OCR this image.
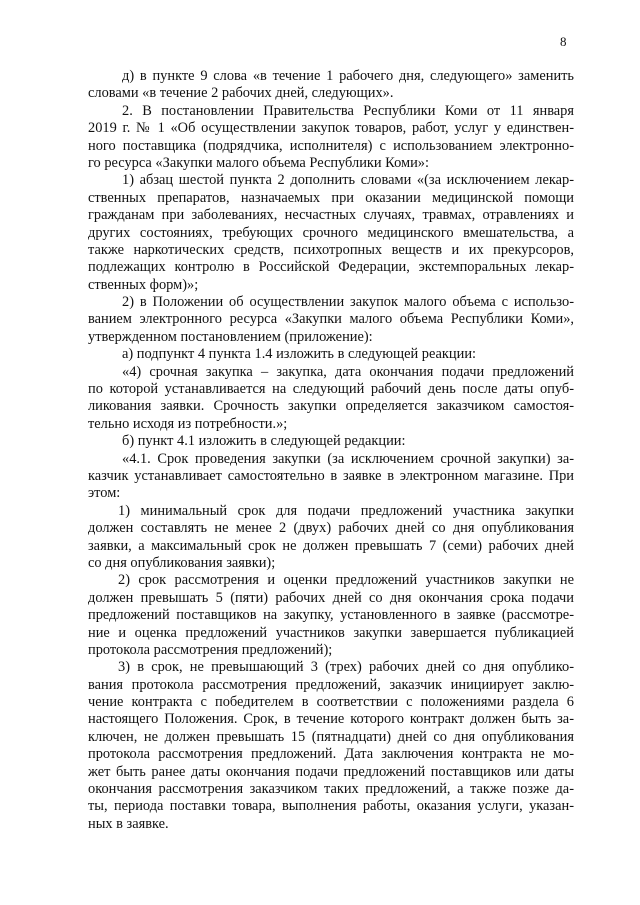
8
д) в пункте 9 слова «в течение 1 рабочего дня, следующего» заменить
словами «в течение 2 рабочих дней, следующих».
2. В постановлении Правительства Республики Коми от 11 января
2019 г. № 1 «Об осуществлении закупок товаров, работ, услуг у единствен-
ного поставщика (подрядчика, исполнителя) с использованием электронно-
го ресурса «Закупки малого объема Республики Коми»:
1) абзац шестой пункта 2 дополнить словами «(за исключением лекар-
ственных препаратов, назначаемых при оказании медицинской помощи
гражданам при заболеваниях, несчастных случаях, травмах, отравлениях и
других состояниях, требующих срочного медицинского вмешательства, а
также наркотических средств, психотропных веществ и их прекурсоров,
подлежащих контролю в Российской Федерации, экстемпоральных лекар-
ственных форм)»;
2) в Положении об осуществлении закупок малого объема с использо-
ванием электронного ресурса «Закупки малого объема Республики Коми»,
утвержденном постановлением (приложение):
а) подпункт 4 пункта 1.4 изложить в следующей реакции:
«4) срочная закупка – закупка, дата окончания подачи предложений
по которой устанавливается на следующий рабочий день после даты опуб-
ликования заявки. Срочность закупки определяется заказчиком самостоя-
тельно исходя из потребности.»;
б) пункт 4.1 изложить в следующей редакции:
«4.1. Срок проведения закупки (за исключением срочной закупки) за-
казчик устанавливает самостоятельно в заявке в электронном магазине. При
этом:
1) минимальный срок для подачи предложений участника закупки
должен составлять не менее 2 (двух) рабочих дней со дня опубликования
заявки, а максимальный срок не должен превышать 7 (семи) рабочих дней
со дня опубликования заявки);
2) срок рассмотрения и оценки предложений участников закупки не
должен превышать 5 (пяти) рабочих дней со дня окончания срока подачи
предложений поставщиков на закупку, установленного в заявке (рассмотре-
ние и оценка предложений участников закупки завершается публикацией
протокола рассмотрения предложений);
3) в срок, не превышающий 3 (трех) рабочих дней со дня опублико-
вания протокола рассмотрения предложений, заказчик инициирует заклю-
чение контракта с победителем в соответствии с положениями раздела 6
настоящего Положения. Срок, в течение которого контракт должен быть за-
ключен, не должен превышать 15 (пятнадцати) дней со дня опубликования
протокола рассмотрения предложений. Дата заключения контракта не мо-
жет быть ранее даты окончания подачи предложений поставщиков или даты
окончания рассмотрения заказчиком таких предложений, а также позже да-
ты, периода поставки товара, выполнения работы, оказания услуги, указан-
ных в заявке.
